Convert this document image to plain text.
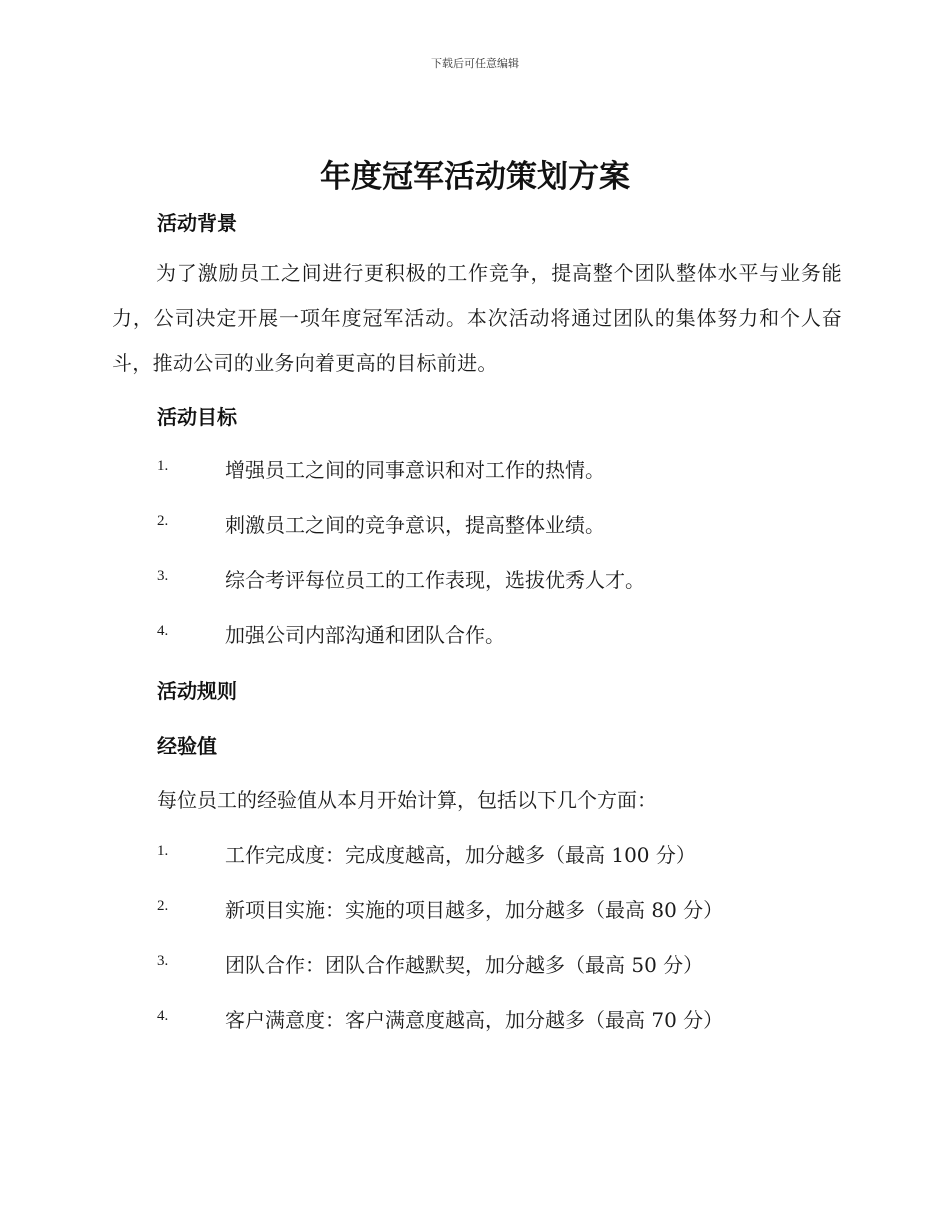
下载后可任意编辑
年度冠军活动策划方案
活动背景
为了激励员工之间进行更积极的工作竞争，提高整个团队整体水平与业务能力，公司决定开展一项年度冠军活动。本次活动将通过团队的集体努力和个人奋斗，推动公司的业务向着更高的目标前进。
活动目标
1.	增强员工之间的同事意识和对工作的热情。
2.	刺激员工之间的竞争意识，提高整体业绩。
3.	综合考评每位员工的工作表现，选拔优秀人才。
4.	加强公司内部沟通和团队合作。
活动规则
经验值
每位员工的经验值从本月开始计算，包括以下几个方面：
1.	工作完成度：完成度越高，加分越多（最高 100 分）
2.	新项目实施：实施的项目越多，加分越多（最高 80 分）
3.	团队合作：团队合作越默契，加分越多（最高 50 分）
4.	客户满意度：客户满意度越高，加分越多（最高 70 分）
